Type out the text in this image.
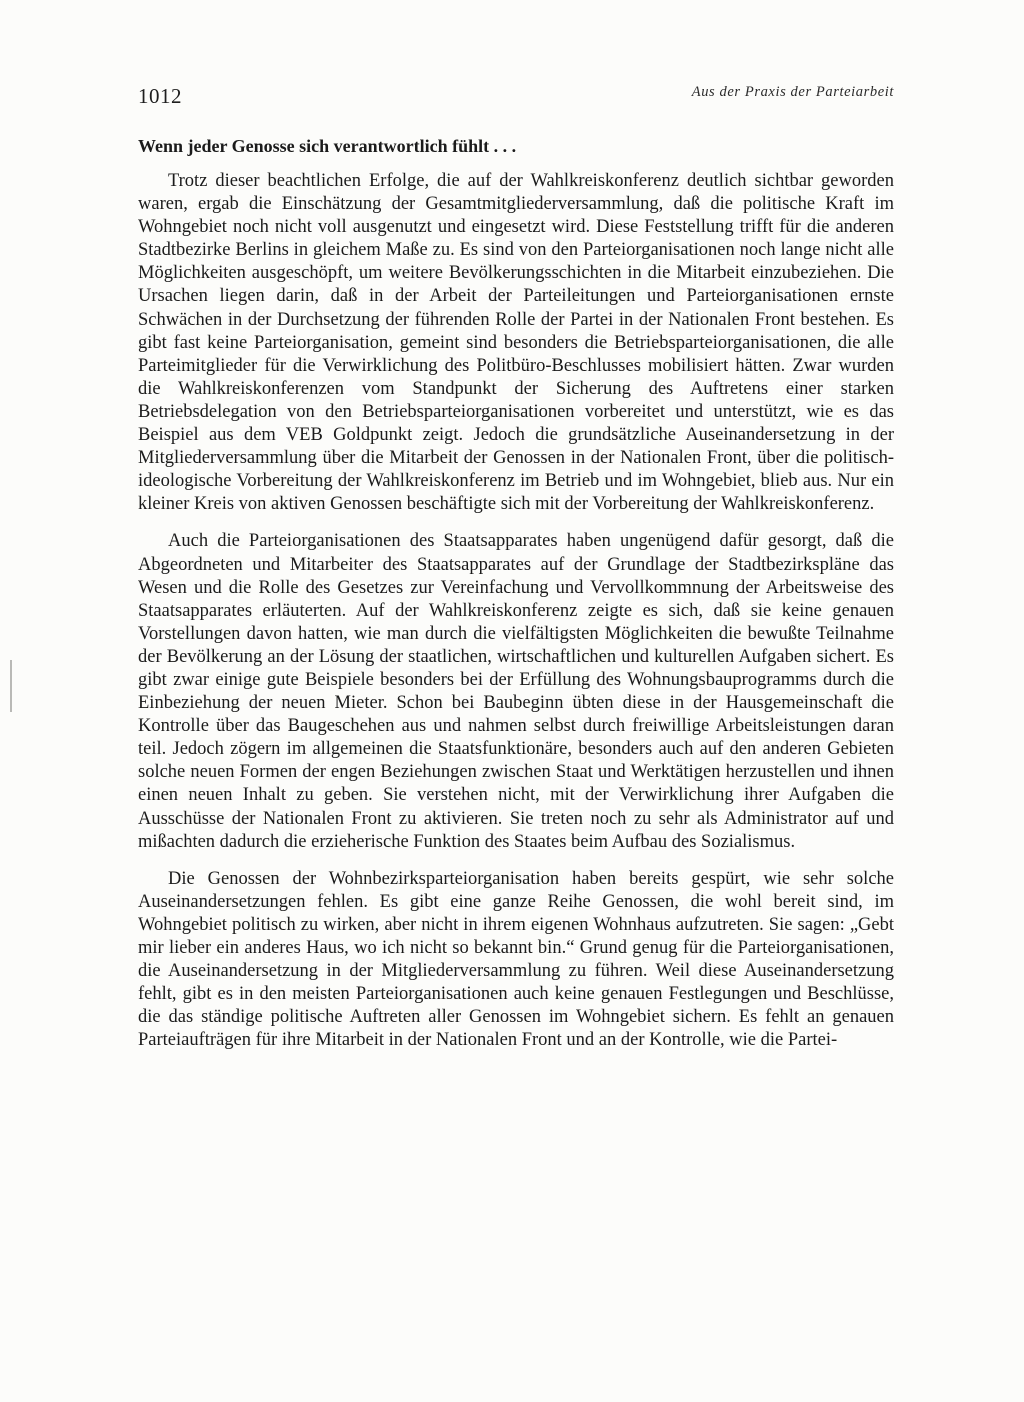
1012	Aus der Praxis der Parteiarbeit
Wenn jeder Genosse sich verantwortlich fühlt . . .

Trotz dieser beachtlichen Erfolge, die auf der Wahlkreiskonferenz deutlich sichtbar geworden waren, ergab die Einschätzung der Gesamtmitgliederversammlung, daß die politische Kraft im Wohngebiet noch nicht voll ausgenutzt und eingesetzt wird. Diese Feststellung trifft für die anderen Stadtbezirke Berlins in gleichem Maße zu. Es sind von den Parteiorganisationen noch lange nicht alle Möglichkeiten ausgeschöpft, um weitere Bevölkerungsschichten in die Mitarbeit einzubeziehen. Die Ursachen liegen darin, daß in der Arbeit der Parteileitungen und Parteiorganisationen ernste Schwächen in der Durchsetzung der führenden Rolle der Partei in der Nationalen Front bestehen. Es gibt fast keine Parteiorganisation, gemeint sind besonders die Betriebsparteiorganisationen, die alle Parteimitglieder für die Verwirklichung des Politbüro-Beschlusses mobilisiert hätten. Zwar wurden die Wahlkreiskonferenzen vom Standpunkt der Sicherung des Auftretens einer starken Betriebsdelegation von den Betriebsparteiorganisationen vorbereitet und unterstützt, wie es das Beispiel aus dem VEB Goldpunkt zeigt. Jedoch die grundsätzliche Auseinandersetzung in der Mitgliederversammlung über die Mitarbeit der Genossen in der Nationalen Front, über die politisch-ideologische Vorbereitung der Wahlkreiskonferenz im Betrieb und im Wohngebiet, blieb aus. Nur ein kleiner Kreis von aktiven Genossen beschäftigte sich mit der Vorbereitung der Wahlkreiskonferenz.

Auch die Parteiorganisationen des Staatsapparates haben ungenügend dafür gesorgt, daß die Abgeordneten und Mitarbeiter des Staatsapparates auf der Grundlage der Stadtbezirkspläne das Wesen und die Rolle des Gesetzes zur Vereinfachung und Vervollkommnung der Arbeitsweise des Staatsapparates erläuterten. Auf der Wahlkreiskonferenz zeigte es sich, daß sie keine genauen Vorstellungen davon hatten, wie man durch die vielfältigsten Möglichkeiten die bewußte Teilnahme der Bevölkerung an der Lösung der staatlichen, wirtschaftlichen und kulturellen Aufgaben sichert. Es gibt zwar einige gute Beispiele besonders bei der Erfüllung des Wohnungsbauprogramms durch die Einbeziehung der neuen Mieter. Schon bei Baubeginn übten diese in der Hausgemeinschaft die Kontrolle über das Baugeschehen aus und nahmen selbst durch freiwillige Arbeitsleistungen daran teil. Jedoch zögern im allgemeinen die Staatsfunktionäre, besonders auch auf den anderen Gebieten solche neuen Formen der engen Beziehungen zwischen Staat und Werktätigen herzustellen und ihnen einen neuen Inhalt zu geben. Sie verstehen nicht, mit der Verwirklichung ihrer Aufgaben die Ausschüsse der Nationalen Front zu aktivieren. Sie treten noch zu sehr als Administrator auf und mißachten dadurch die erzieherische Funktion des Staates beim Aufbau des Sozialismus.

Die Genossen der Wohnbezirksparteiorganisation haben bereits gespürt, wie sehr solche Auseinandersetzungen fehlen. Es gibt eine ganze Reihe Genossen, die wohl bereit sind, im Wohngebiet politisch zu wirken, aber nicht in ihrem eigenen Wohnhaus aufzutreten. Sie sagen: „Gebt mir lieber ein anderes Haus, wo ich nicht so bekannt bin.“ Grund genug für die Parteiorganisationen, die Auseinandersetzung in der Mitgliederversammlung zu führen. Weil diese Auseinandersetzung fehlt, gibt es in den meisten Parteiorganisationen auch keine genauen Festlegungen und Beschlüsse, die das ständige politische Auftreten aller Genossen im Wohngebiet sichern. Es fehlt an genauen Parteiaufträgen für ihre Mitarbeit in der Nationalen Front und an der Kontrolle, wie die Partei-
